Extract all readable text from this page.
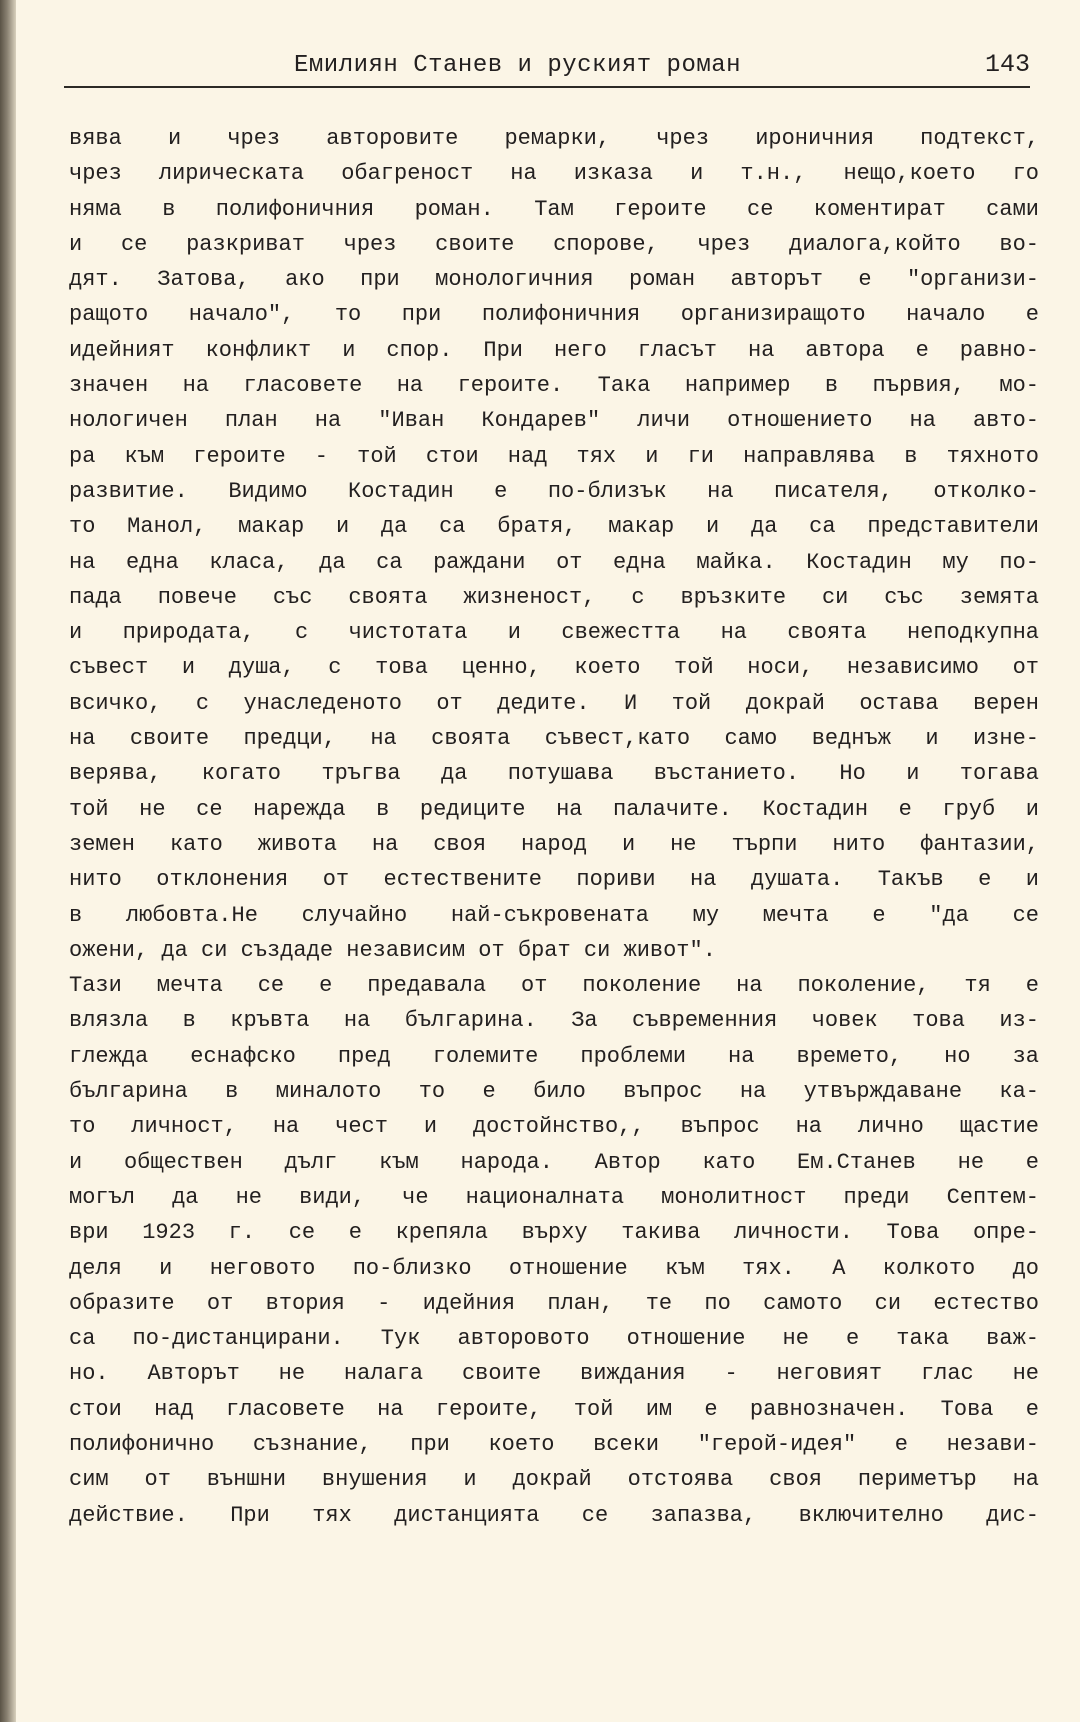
Емилиян Станев и руският роман	143
вява и чрез авторовите ремарки, чрез ироничния подтекст,
чрез лирическата обагреност на изказа и т.н., нещо,което го
няма в полифоничния роман. Там героите се коментират сами
и се разкриват чрез своите спорове, чрез диалога,който во-
дят. Затова, ако при монологичния роман авторът е "организи-
ращото начало", то при полифоничния организиращото начало е
идейният конфликт и спор. При него гласът на автора е равно-
значен на гласовете на героите. Така например в първия, мо-
нологичен план на "Иван Кондарев" личи отношението на авто-
ра към героите - той стои над тях и ги направлява в тяхното
развитие. Видимо Костадин е по-близък на писателя, отколко-
то Манол, макар и да са братя, макар и да са представители
на една класа, да са раждани от една майка. Костадин му по-
пада повече със своята жизненост, с връзките си със земята
и природата, с чистотата и свежестта на своята неподкупна
съвест и душа, с това ценно, което той носи, независимо от
всичко, с унаследеното от дедите. И той докрай остава верен
на своите предци, на своята съвест,като само веднъж и изне-
верява, когато тръгва да потушава въстанието. Но и тогава
той не се нарежда в редиците на палачите. Костадин е груб и
земен като живота на своя народ и не търпи нито фантазии,
нито отклонения от естествените пориви на душата. Такъв е и
в любовта.Не случайно най-съкровената му мечта е "да се
ожени, да си създаде независим от брат си живот".
Тази мечта се е предавала от поколение на поколение, тя е
влязла в кръвта на българина. За съвременния човек това из-
глежда еснафско пред големите проблеми на времето, но за
българина в миналото то е било въпрос на утвърждаване ка-
то личност, на чест и достойнство,, въпрос на лично щастие
и обществен дълг към народа. Автор като Ем.Станев не е
могъл да не види, че националната монолитност преди Септем-
ври 1923 г. се е крепяла върху такива личности. Това опре-
деля и неговото по-близко отношение към тях. А колкото до
образите от втория - идейния план, те по самото си естество
са по-дистанцирани. Тук авторовото отношение не е така важ-
но. Авторът не налага своите виждания - неговият глас не
стои над гласовете на героите, той им е равнозначен. Това е
полифонично съзнание, при което всеки "герой-идея" е незави-
сим от външни внушения и докрай отстоява своя периметър на
действие. При тях дистанцията се запазва, включително дис-
